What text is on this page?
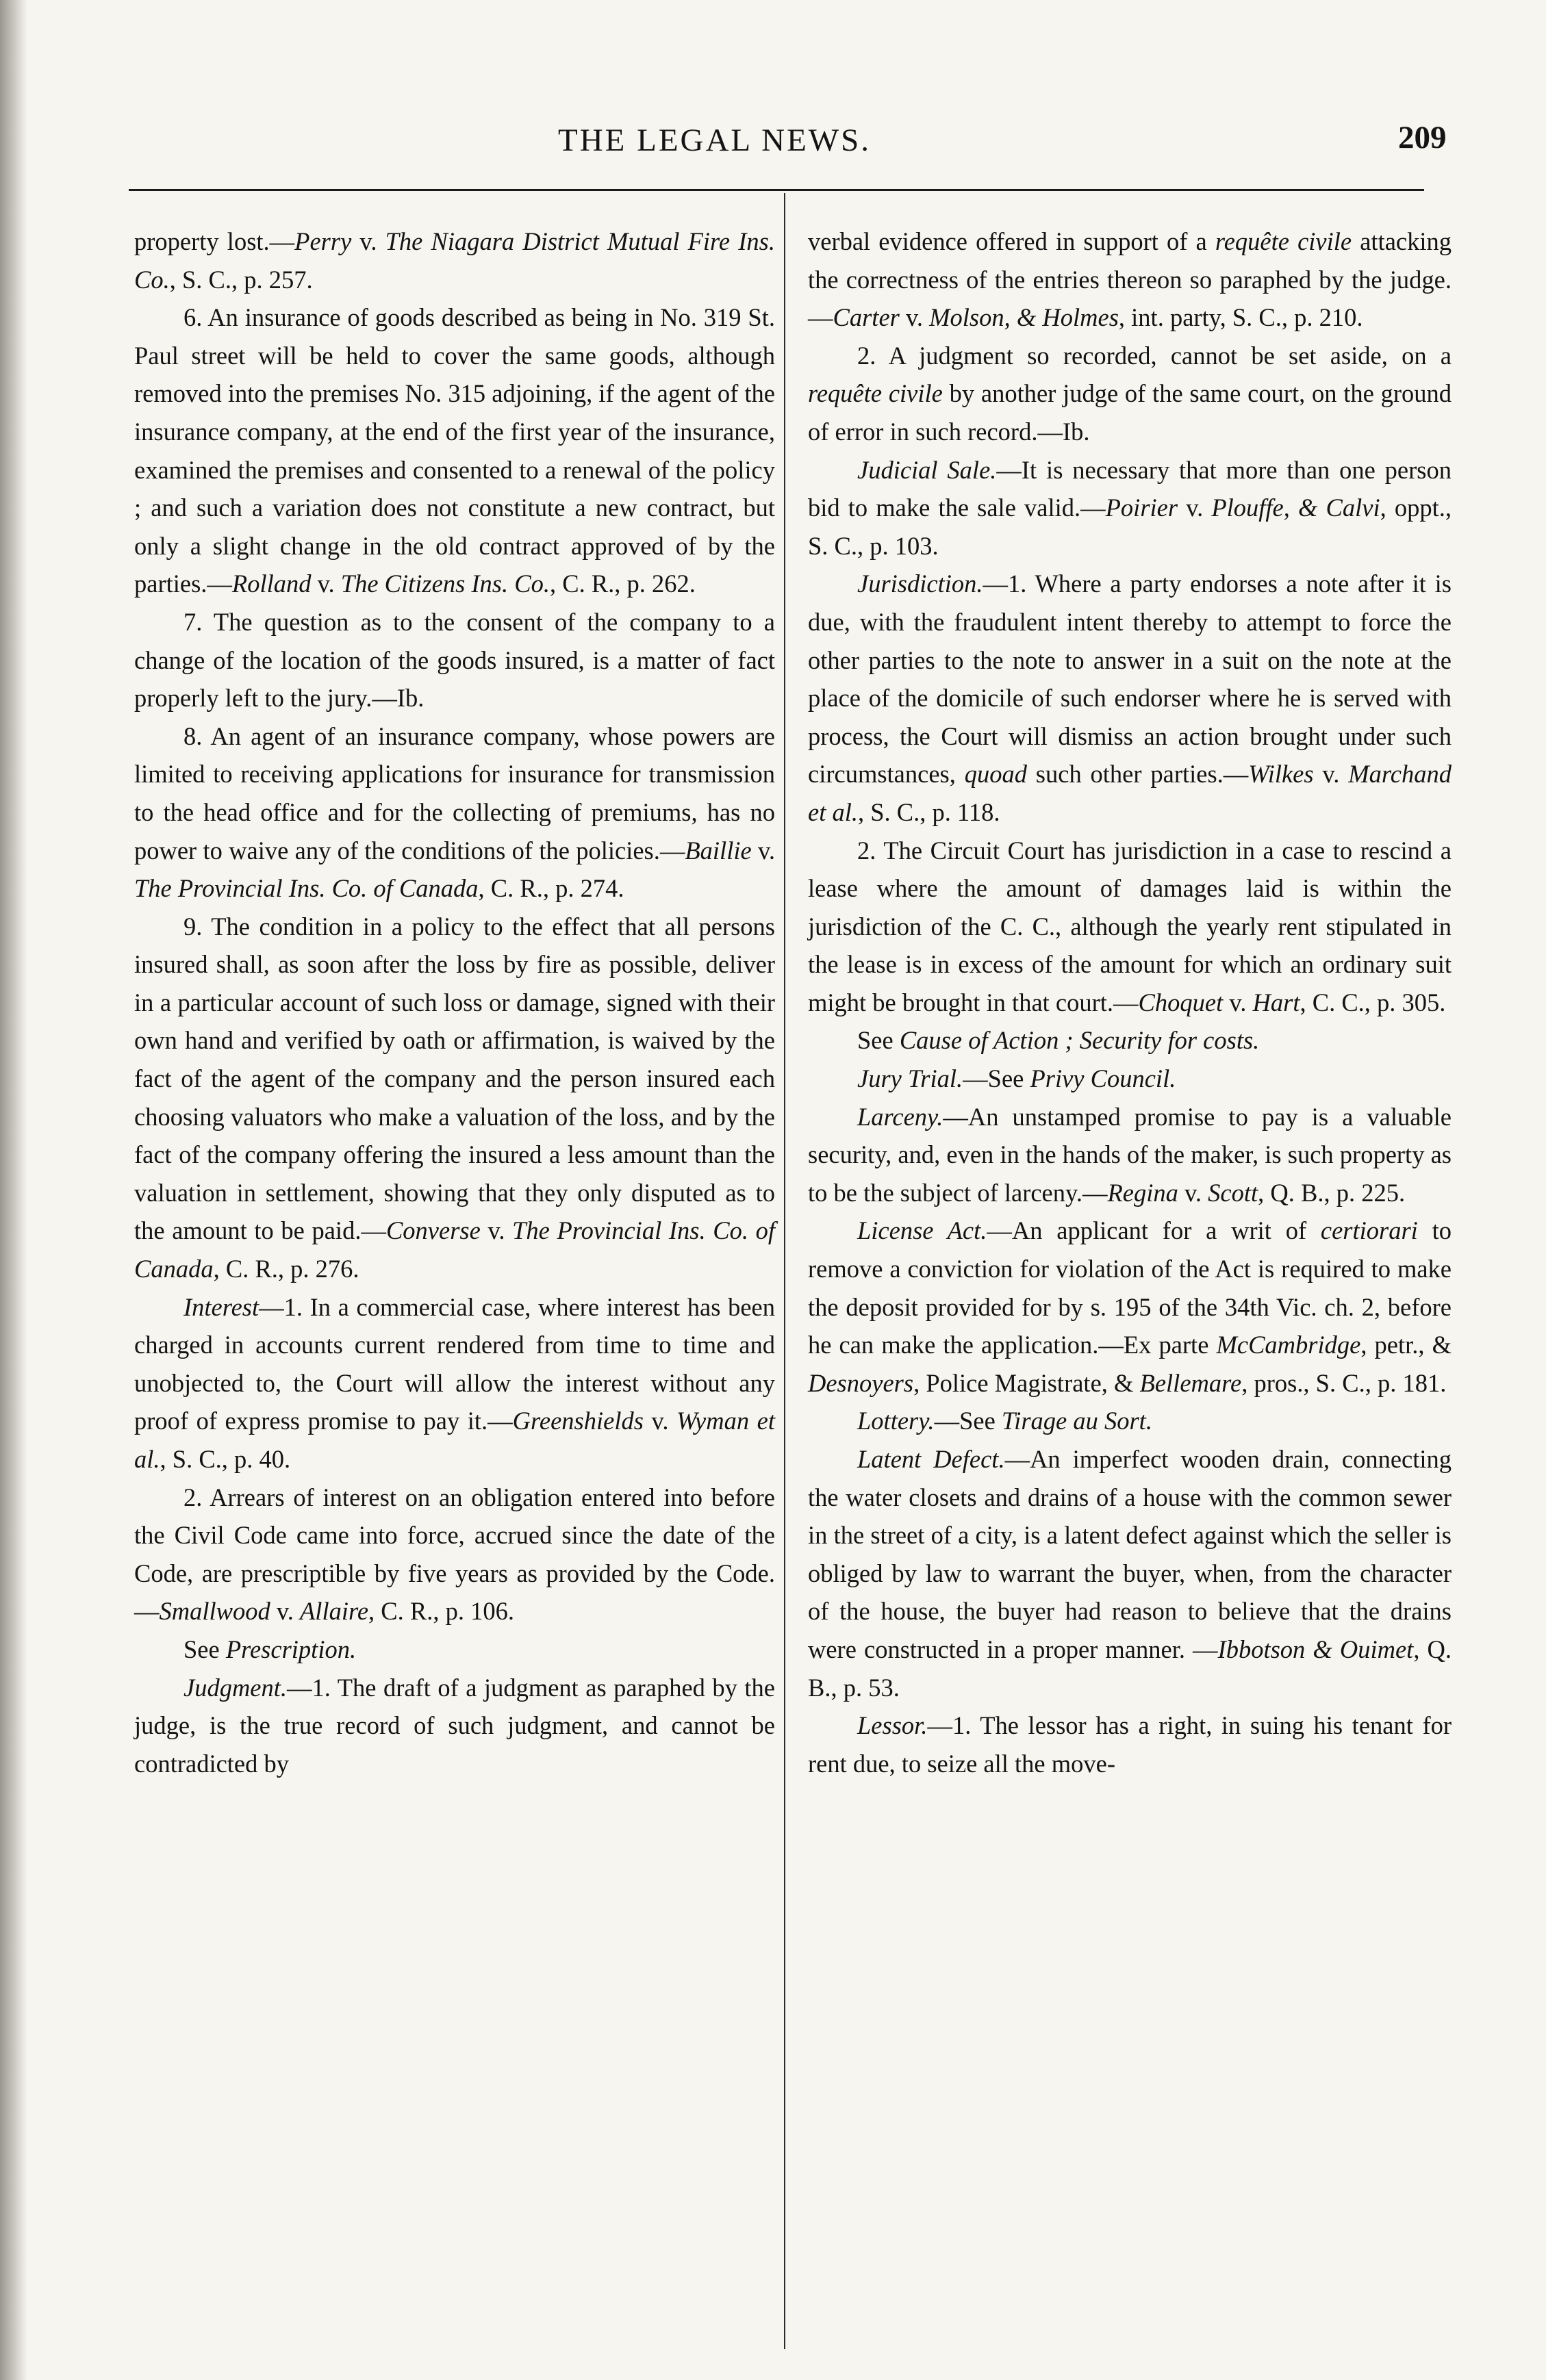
THE LEGAL NEWS.	209

property lost.—Perry v. The Niagara District Mutual Fire Ins. Co., S. C., p. 257.

6. An insurance of goods described as being in No. 319 St. Paul street will be held to cover the same goods, although removed into the premises No. 315 adjoining, if the agent of the insurance company, at the end of the first year of the insurance, examined the premises and consented to a renewal of the policy ; and such a variation does not constitute a new contract, but only a slight change in the old contract approved of by the parties.—Rolland v. The Citizens Ins. Co., C. R., p. 262.

7. The question as to the consent of the company to a change of the location of the goods insured, is a matter of fact properly left to the jury.—Ib.

8. An agent of an insurance company, whose powers are limited to receiving applications for insurance for transmission to the head office and for the collecting of premiums, has no power to waive any of the conditions of the policies.—Baillie v. The Provincial Ins. Co. of Canada, C. R., p. 274.

9. The condition in a policy to the effect that all persons insured shall, as soon after the loss by fire as possible, deliver in a particular account of such loss or damage, signed with their own hand and verified by oath or affirmation, is waived by the fact of the agent of the company and the person insured each choosing valuators who make a valuation of the loss, and by the fact of the company offering the insured a less amount than the valuation in settlement, showing that they only disputed as to the amount to be paid.—Converse v. The Provincial Ins. Co. of Canada, C. R., p. 276.

Interest—1. In a commercial case, where interest has been charged in accounts current rendered from time to time and unobjected to, the Court will allow the interest without any proof of express promise to pay it.—Greenshields v. Wyman et al., S. C., p. 40.

2. Arrears of interest on an obligation entered into before the Civil Code came into force, accrued since the date of the Code, are prescriptible by five years as provided by the Code. —Smallwood v. Allaire, C. R., p. 106.

See Prescription.

Judgment.—1. The draft of a judgment as paraphed by the judge, is the true record of such judgment, and cannot be contradicted by

verbal evidence offered in support of a requête civile attacking the correctness of the entries thereon so paraphed by the judge.—Carter v. Molson, & Holmes, int. party, S. C., p. 210.

2. A judgment so recorded, cannot be set aside, on a requête civile by another judge of the same court, on the ground of error in such record.—Ib.

Judicial Sale.—It is necessary that more than one person bid to make the sale valid.—Poirier v. Plouffe, & Calvi, oppt., S. C., p. 103.

Jurisdiction.—1. Where a party endorses a note after it is due, with the fraudulent intent thereby to attempt to force the other parties to the note to answer in a suit on the note at the place of the domicile of such endorser where he is served with process, the Court will dismiss an action brought under such circumstances, quoad such other parties.—Wilkes v. Marchand et al., S. C., p. 118.

2. The Circuit Court has jurisdiction in a case to rescind a lease where the amount of damages laid is within the jurisdiction of the C. C., although the yearly rent stipulated in the lease is in excess of the amount for which an ordinary suit might be brought in that court.—Choquet v. Hart, C. C., p. 305.

See Cause of Action ; Security for costs.

Jury Trial.—See Privy Council.

Larceny.—An unstamped promise to pay is a valuable security, and, even in the hands of the maker, is such property as to be the subject of larceny.—Regina v. Scott, Q. B., p. 225.

License Act.—An applicant for a writ of certiorari to remove a conviction for violation of the Act is required to make the deposit provided for by s. 195 of the 34th Vic. ch. 2, before he can make the application.—Ex parte McCambridge, petr., & Desnoyers, Police Magistrate, & Bellemare, pros., S. C., p. 181.

Lottery.—See Tirage au Sort.

Latent Defect.—An imperfect wooden drain, connecting the water closets and drains of a house with the common sewer in the street of a city, is a latent defect against which the seller is obliged by law to warrant the buyer, when, from the character of the house, the buyer had reason to believe that the drains were constructed in a proper manner. —Ibbotson & Ouimet, Q. B., p. 53.

Lessor.—1. The lessor has a right, in suing his tenant for rent due, to seize all the move-
